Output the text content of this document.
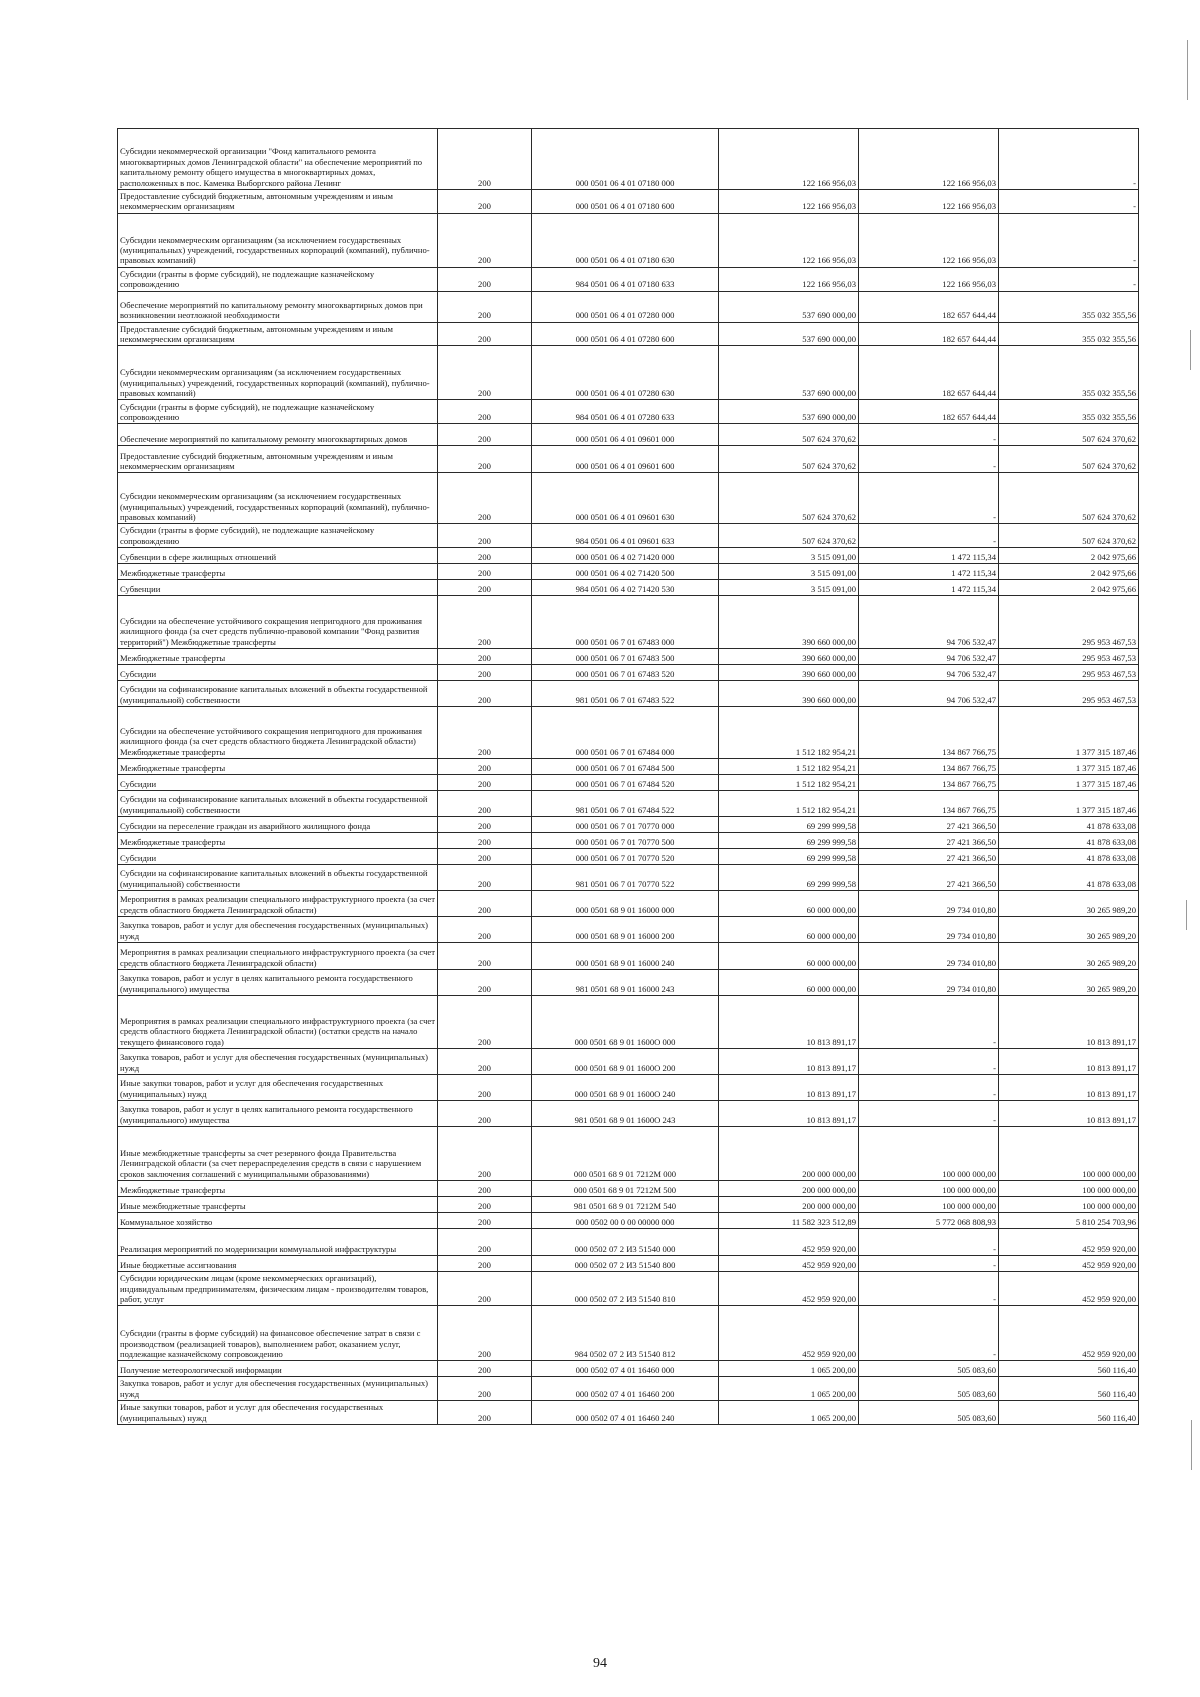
Субсидии некоммерческой организации "Фонд капитального ремонта многоквартирных домов Ленинградской области" на обеспечение мероприятий по капитальному ремонту общего имущества в многоквартирных домах, расположенных в пос. Каменка Выборгского района Ленинг	200	000 0501 06 4 01 07180 000	122 166 956,03	122 166 956,03	-
Предоставление субсидий бюджетным, автономным учреждениям и иным некоммерческим организациям	200	000 0501 06 4 01 07180 600	122 166 956,03	122 166 956,03	-
Субсидии некоммерческим организациям (за исключением государственных (муниципальных) учреждений, государственных корпораций (компаний), публично-правовых компаний)	200	000 0501 06 4 01 07180 630	122 166 956,03	122 166 956,03	-
Субсидии (гранты в форме субсидий), не подлежащие казначейскому сопровождению	200	984 0501 06 4 01 07180 633	122 166 956,03	122 166 956,03	-
Обеспечение мероприятий по капитальному ремонту многоквартирных домов при возникновении неотложной необходимости	200	000 0501 06 4 01 07280 000	537 690 000,00	182 657 644,44	355 032 355,56
Предоставление субсидий бюджетным, автономным учреждениям и иным некоммерческим организациям	200	000 0501 06 4 01 07280 600	537 690 000,00	182 657 644,44	355 032 355,56
Субсидии некоммерческим организациям (за исключением государственных (муниципальных) учреждений, государственных корпораций (компаний), публично-правовых компаний)	200	000 0501 06 4 01 07280 630	537 690 000,00	182 657 644,44	355 032 355,56
Субсидии (гранты в форме субсидий), не подлежащие казначейскому сопровождению	200	984 0501 06 4 01 07280 633	537 690 000,00	182 657 644,44	355 032 355,56
Обеспечение мероприятий по капитальному ремонту многоквартирных домов	200	000 0501 06 4 01 09601 000	507 624 370,62	-	507 624 370,62
Предоставление субсидий бюджетным, автономным учреждениям и иным некоммерческим организациям	200	000 0501 06 4 01 09601 600	507 624 370,62	-	507 624 370,62
Субсидии некоммерческим организациям (за исключением государственных (муниципальных) учреждений, государственных корпораций (компаний), публично-правовых компаний)	200	000 0501 06 4 01 09601 630	507 624 370,62	-	507 624 370,62
Субсидии (гранты в форме субсидий), не подлежащие казначейскому сопровождению	200	984 0501 06 4 01 09601 633	507 624 370,62	-	507 624 370,62
Субвенции в сфере жилищных отношений	200	000 0501 06 4 02 71420 000	3 515 091,00	1 472 115,34	2 042 975,66
Межбюджетные трансферты	200	000 0501 06 4 02 71420 500	3 515 091,00	1 472 115,34	2 042 975,66
Субвенции	200	984 0501 06 4 02 71420 530	3 515 091,00	1 472 115,34	2 042 975,66
Субсидии на обеспечение устойчивого сокращения непригодного для проживания жилищного фонда (за счет средств публично-правовой компании "Фонд развития территорий") Межбюджетные трансферты	200	000 0501 06 7 01 67483 000	390 660 000,00	94 706 532,47	295 953 467,53
Межбюджетные трансферты	200	000 0501 06 7 01 67483 500	390 660 000,00	94 706 532,47	295 953 467,53
Субсидии	200	000 0501 06 7 01 67483 520	390 660 000,00	94 706 532,47	295 953 467,53
Субсидии на софинансирование капитальных вложений в объекты государственной (муниципальной) собственности	200	981 0501 06 7 01 67483 522	390 660 000,00	94 706 532,47	295 953 467,53
Субсидии на обеспечение устойчивого сокращения непригодного для проживания жилищного фонда (за счет средств областного бюджета Ленинградской области) Межбюджетные трансферты	200	000 0501 06 7 01 67484 000	1 512 182 954,21	134 867 766,75	1 377 315 187,46
Межбюджетные трансферты	200	000 0501 06 7 01 67484 500	1 512 182 954,21	134 867 766,75	1 377 315 187,46
Субсидии	200	000 0501 06 7 01 67484 520	1 512 182 954,21	134 867 766,75	1 377 315 187,46
Субсидии на софинансирование капитальных вложений в объекты государственной (муниципальной) собственности	200	981 0501 06 7 01 67484 522	1 512 182 954,21	134 867 766,75	1 377 315 187,46
Субсидии на переселение граждан из аварийного жилищного фонда	200	000 0501 06 7 01 70770 000	69 299 999,58	27 421 366,50	41 878 633,08
Межбюджетные трансферты	200	000 0501 06 7 01 70770 500	69 299 999,58	27 421 366,50	41 878 633,08
Субсидии	200	000 0501 06 7 01 70770 520	69 299 999,58	27 421 366,50	41 878 633,08
Субсидии на софинансирование капитальных вложений в объекты государственной (муниципальной) собственности	200	981 0501 06 7 01 70770 522	69 299 999,58	27 421 366,50	41 878 633,08
Мероприятия в рамках реализации специального инфраструктурного проекта (за счет средств областного бюджета Ленинградской области)	200	000 0501 68 9 01 16000 000	60 000 000,00	29 734 010,80	30 265 989,20
Закупка товаров, работ и услуг для обеспечения государственных (муниципальных) нужд	200	000 0501 68 9 01 16000 200	60 000 000,00	29 734 010,80	30 265 989,20
Мероприятия в рамках реализации специального инфраструктурного проекта (за счет средств областного бюджета Ленинградской области)	200	000 0501 68 9 01 16000 240	60 000 000,00	29 734 010,80	30 265 989,20
Закупка товаров, работ и услуг в целях капитального ремонта государственного (муниципального) имущества	200	981 0501 68 9 01 16000 243	60 000 000,00	29 734 010,80	30 265 989,20
Мероприятия в рамках реализации специального инфраструктурного проекта (за счет средств областного бюджета Ленинградской области) (остатки средств на начало текущего финансового года)	200	000 0501 68 9 01 1600О 000	10 813 891,17	-	10 813 891,17
Закупка товаров, работ и услуг для обеспечения государственных (муниципальных) нужд	200	000 0501 68 9 01 1600О 200	10 813 891,17	-	10 813 891,17
Иные закупки товаров, работ и услуг для обеспечения государственных (муниципальных) нужд	200	000 0501 68 9 01 1600О 240	10 813 891,17	-	10 813 891,17
Закупка товаров, работ и услуг в целях капитального ремонта государственного (муниципального) имущества	200	981 0501 68 9 01 1600О 243	10 813 891,17	-	10 813 891,17
Иные межбюджетные трансферты за счет резервного фонда Правительства Ленинградской области (за счет перераспределения средств в связи с нарушением сроков заключения соглашений с муниципальными образованиями)	200	000 0501 68 9 01 7212М 000	200 000 000,00	100 000 000,00	100 000 000,00
Межбюджетные трансферты	200	000 0501 68 9 01 7212М 500	200 000 000,00	100 000 000,00	100 000 000,00
Иные межбюджетные трансферты	200	981 0501 68 9 01 7212М 540	200 000 000,00	100 000 000,00	100 000 000,00
Коммунальное хозяйство	200	000 0502 00 0 00 00000 000	11 582 323 512,89	5 772 068 808,93	5 810 254 703,96
Реализация мероприятий по модернизации коммунальной инфраструктуры	200	000 0502 07 2 И3 51540 000	452 959 920,00	-	452 959 920,00
Иные бюджетные ассигнования	200	000 0502 07 2 И3 51540 800	452 959 920,00	-	452 959 920,00
Субсидии юридическим лицам (кроме некоммерческих организаций), индивидуальным предпринимателям, физическим лицам - производителям товаров, работ, услуг	200	000 0502 07 2 И3 51540 810	452 959 920,00	-	452 959 920,00
Субсидии (гранты в форме субсидий) на финансовое обеспечение затрат в связи с производством (реализацией товаров), выполнением работ, оказанием услуг, подлежащие казначейскому сопровождению	200	984 0502 07 2 И3 51540 812	452 959 920,00	-	452 959 920,00
Получение метеорологической информации	200	000 0502 07 4 01 16460 000	1 065 200,00	505 083,60	560 116,40
Закупка товаров, работ и услуг для обеспечения государственных (муниципальных) нужд	200	000 0502 07 4 01 16460 200	1 065 200,00	505 083,60	560 116,40
Иные закупки товаров, работ и услуг для обеспечения государственных (муниципальных) нужд	200	000 0502 07 4 01 16460 240	1 065 200,00	505 083,60	560 116,40
94
